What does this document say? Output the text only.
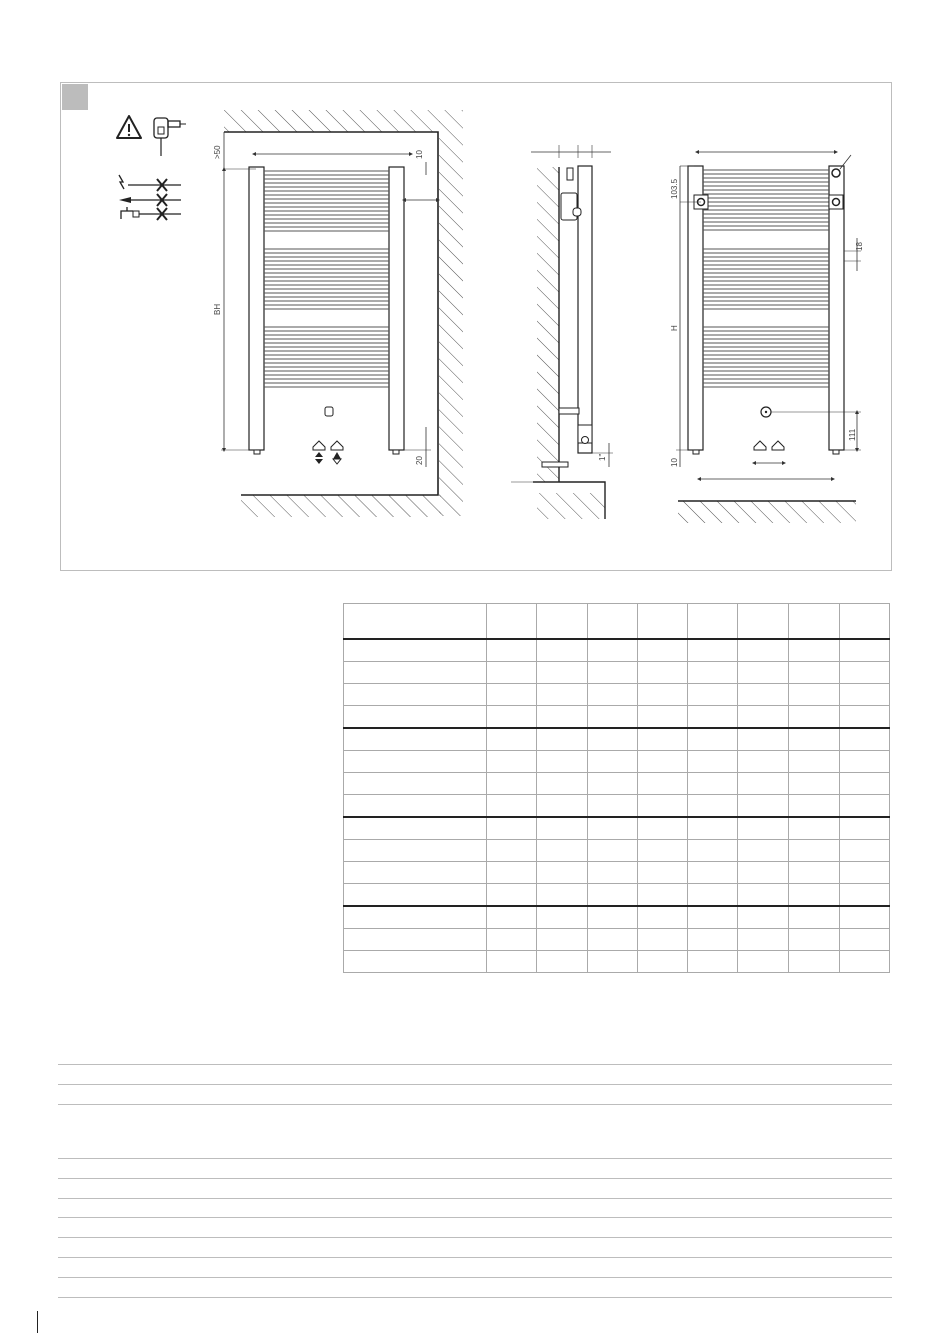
>50	10
BH
20	1"
103.5
18
H
111
10
